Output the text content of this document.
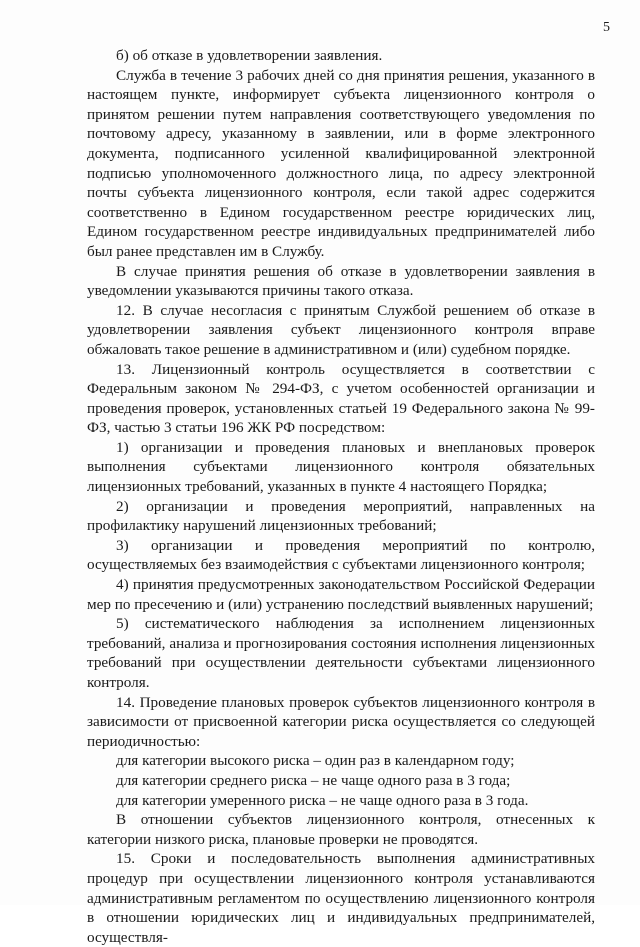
5

б) об отказе в удовлетворении заявления.

Служба в течение 3 рабочих дней со дня принятия решения, указанного в настоящем пункте, информирует субъекта лицензионного контроля о принятом решении путем направления соответствующего уведомления по почтовому адресу, указанному в заявлении, или в форме электронного документа, подписанного усиленной квалифицированной электронной подписью уполномоченного должностного лица, по адресу электронной почты субъекта лицензионного контроля, если такой адрес содержится соответственно в Едином государственном реестре юридических лиц, Едином государственном реестре индивидуальных предпринимателей либо был ранее представлен им в Службу.

В случае принятия решения об отказе в удовлетворении заявления в уведомлении указываются причины такого отказа.

12. В случае несогласия с принятым Службой решением об отказе в удовлетворении заявления субъект лицензионного контроля вправе обжаловать такое решение в административном и (или) судебном порядке.

13. Лицензионный контроль осуществляется в соответствии с Федеральным законом № 294-ФЗ, с учетом особенностей организации и проведения проверок, установленных статьей 19 Федерального закона № 99-ФЗ, частью 3 статьи 196 ЖК РФ посредством:

1) организации и проведения плановых и внеплановых проверок выполнения субъектами лицензионного контроля обязательных лицензионных требований, указанных в пункте 4 настоящего Порядка;

2) организации и проведения мероприятий, направленных на профилактику нарушений лицензионных требований;

3) организации и проведения мероприятий по контролю, осуществляемых без взаимодействия с субъектами лицензионного контроля;

4) принятия предусмотренных законодательством Российской Федерации мер по пресечению и (или) устранению последствий выявленных нарушений;

5) систематического наблюдения за исполнением лицензионных требований, анализа и прогнозирования состояния исполнения лицензионных требований при осуществлении деятельности субъектами лицензионного контроля.

14. Проведение плановых проверок субъектов лицензионного контроля в зависимости от присвоенной категории риска осуществляется со следующей периодичностью:

для категории высокого риска – один раз в календарном году;

для категории среднего риска – не чаще одного раза в 3 года;

для категории умеренного риска – не чаще одного раза в 3 года.

В отношении субъектов лицензионного контроля, отнесенных к категории низкого риска, плановые проверки не проводятся.

15. Сроки и последовательность выполнения административных процедур при осуществлении лицензионного контроля устанавливаются административным регламентом по осуществлению лицензионного контроля в отношении юридических лиц и индивидуальных предпринимателей, осуществля-
